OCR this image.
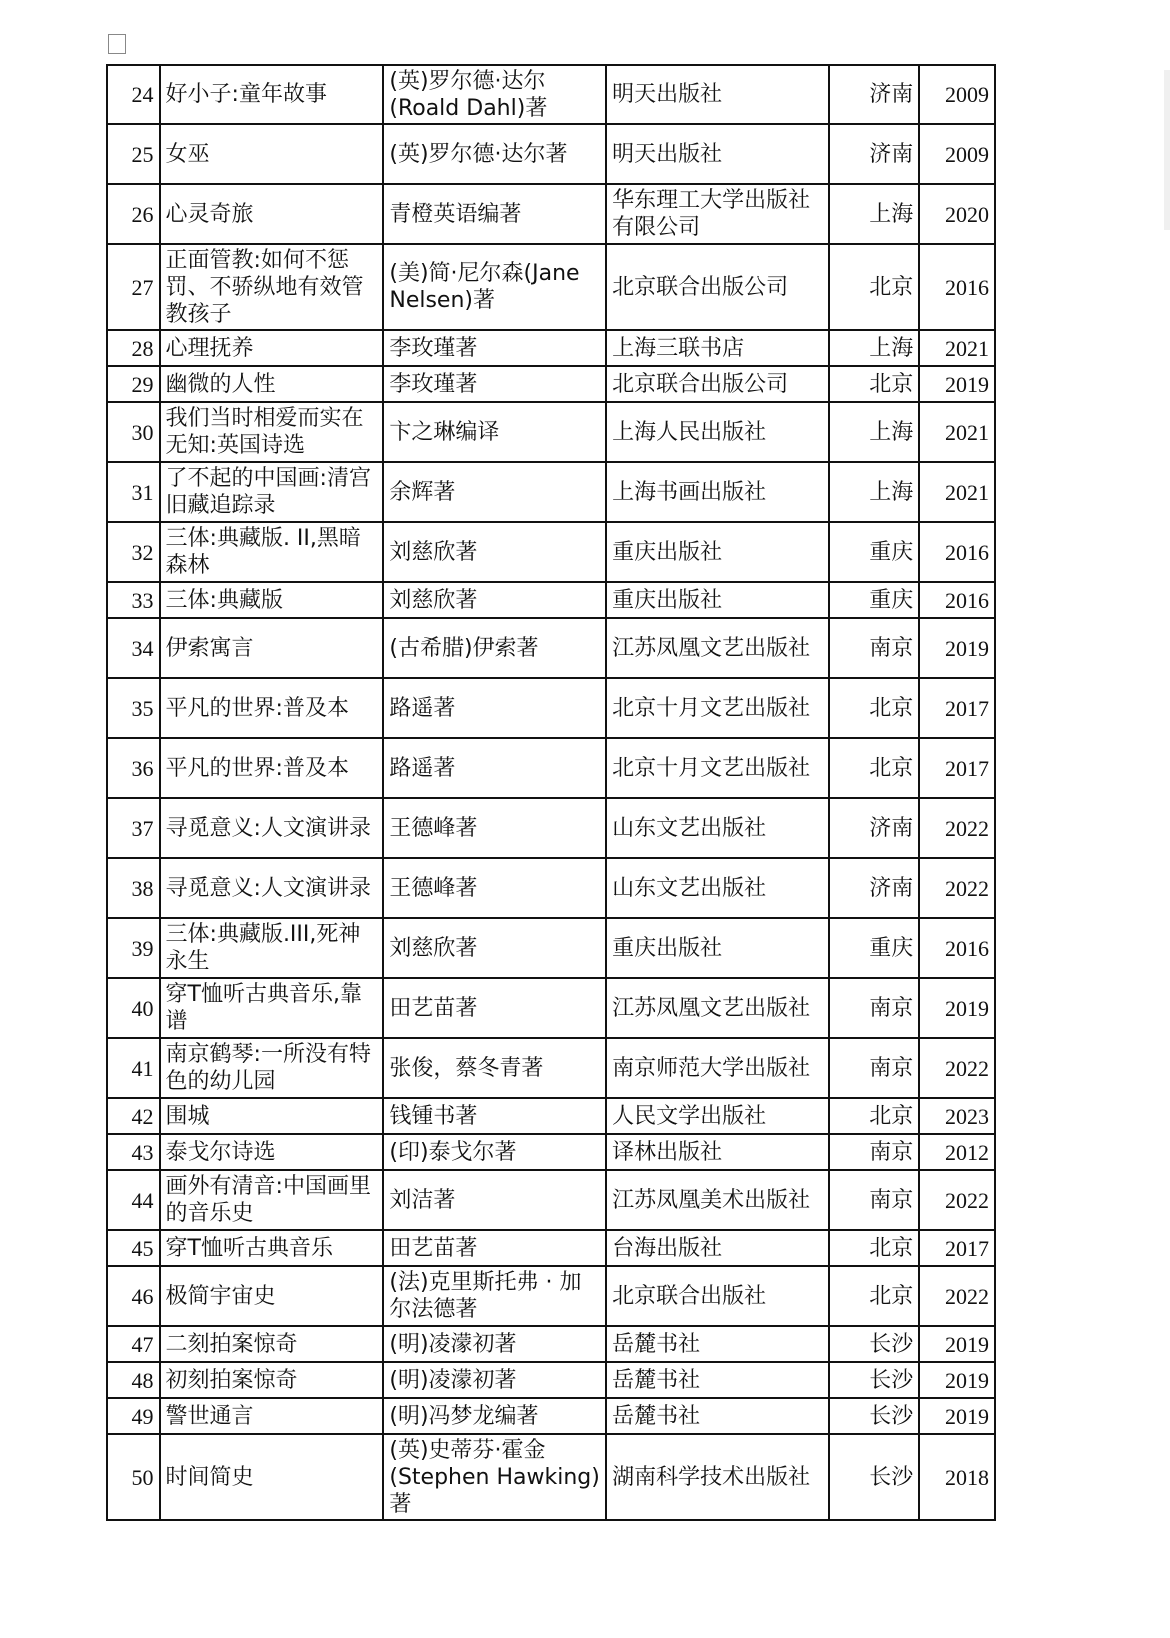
24	好小子:童年故事	(英)罗尔德·达尔(Roald Dahl)著	明天出版社	济南	2009
25	女巫	(英)罗尔德·达尔著	明天出版社	济南	2009
26	心灵奇旅	青橙英语编著	华东理工大学出版社有限公司	上海	2020
27	正面管教:如何不惩罚、不骄纵地有效管教孩子	(美)简·尼尔森(Jane Nelsen)著	北京联合出版公司	北京	2016
28	心理抚养	李玫瑾著	上海三联书店	上海	2021
29	幽微的人性	李玫瑾著	北京联合出版公司	北京	2019
30	我们当时相爱而实在无知:英国诗选	卞之琳编译	上海人民出版社	上海	2021
31	了不起的中国画:清宫旧藏追踪录	余辉著	上海书画出版社	上海	2021
32	三体:典藏版. II,黑暗森林	刘慈欣著	重庆出版社	重庆	2016
33	三体:典藏版	刘慈欣著	重庆出版社	重庆	2016
34	伊索寓言	(古希腊)伊索著	江苏凤凰文艺出版社	南京	2019
35	平凡的世界:普及本	路遥著	北京十月文艺出版社	北京	2017
36	平凡的世界:普及本	路遥著	北京十月文艺出版社	北京	2017
37	寻觅意义:人文演讲录	王德峰著	山东文艺出版社	济南	2022
38	寻觅意义:人文演讲录	王德峰著	山东文艺出版社	济南	2022
39	三体:典藏版.III,死神永生	刘慈欣著	重庆出版社	重庆	2016
40	穿T恤听古典音乐,靠谱	田艺苗著	江苏凤凰文艺出版社	南京	2019
41	南京鹤琴:一所没有特色的幼儿园	张俊，蔡冬青著	南京师范大学出版社	南京	2022
42	围城	钱锺书著	人民文学出版社	北京	2023
43	泰戈尔诗选	(印)泰戈尔著	译林出版社	南京	2012
44	画外有清音:中国画里的音乐史	刘洁著	江苏凤凰美术出版社	南京	2022
45	穿T恤听古典音乐	田艺苗著	台海出版社	北京	2017
46	极简宇宙史	(法)克里斯托弗 · 加尔法德著	北京联合出版社	北京	2022
47	二刻拍案惊奇	(明)凌濛初著	岳麓书社	长沙	2019
48	初刻拍案惊奇	(明)凌濛初著	岳麓书社	长沙	2019
49	警世通言	(明)冯梦龙编著	岳麓书社	长沙	2019
50	时间简史	(英)史蒂芬·霍金(Stephen Hawking)著	湖南科学技术出版社	长沙	2018
